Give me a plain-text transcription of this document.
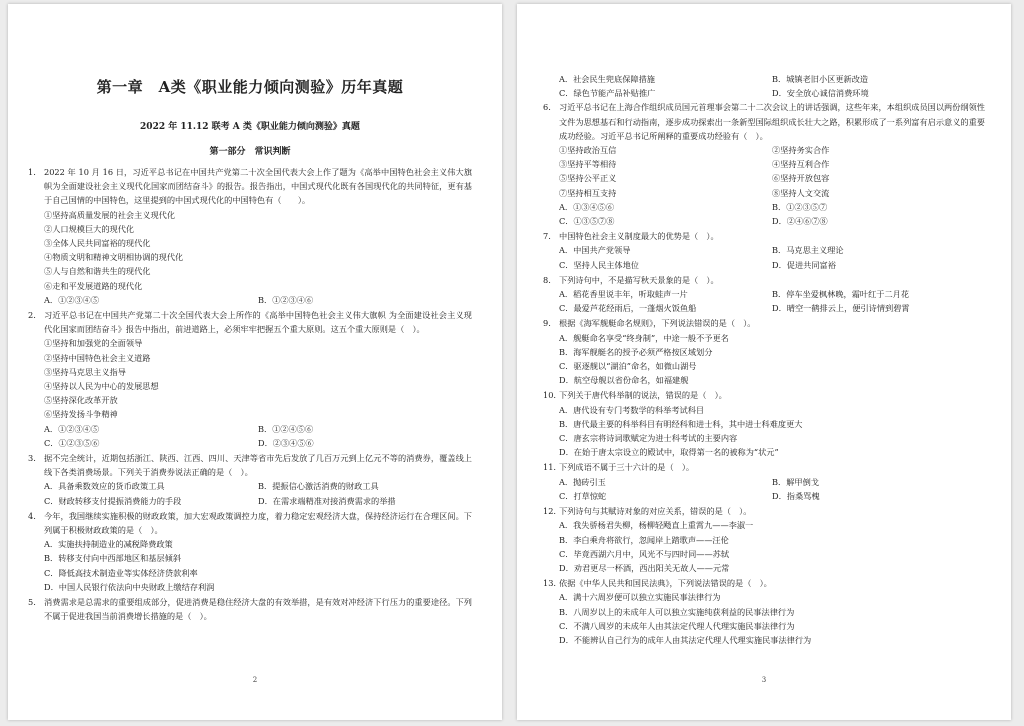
第一章　A类《职业能力倾向测验》历年真题
2022 年 11.12 联考 A 类《职业能力倾向测验》真题
第一部分　常识判断
1. 2022 年 10 月 16 日，习近平总书记在中国共产党第二十次全国代表大会上作了题为《高举中国特色社会主义伟大旗帜为全面建设社会主义现代化国家而团结奋斗》的报告。报告指出，中国式现代化既有各国现代化的共同特征，更有基于自己国情的中国特色，这里提到的中国式现代化的中国特色有（　　）。
①坚持高质量发展的社会主义现代化
②人口规模巨大的现代化
③全体人民共同富裕的现代化
④物质文明和精神文明相协调的现代化
⑤人与自然和谐共生的现代化
⑥走和平发展道路的现代化
A．①②③④⑤	B．①②③④⑥
2. 习近平总书记在中国共产党第二十次全国代表大会上所作的《高举中国特色社会主义伟大旗帜 为全面建设社会主义现代化国家而团结奋斗》报告中指出，前进道路上，必须牢牢把握五个重大原则。这五个重大原则是（　）。
①坚持和加强党的全面领导
②坚持中国特色社会主义道路
③坚持马克思主义指导
④坚持以人民为中心的发展思想
⑤坚持深化改革开放
⑥坚持发扬斗争精神
A．①②③④⑤	B．①②④⑤⑥
C．①②③⑤⑥	D．②③④⑤⑥
3. 据不完全统计，近期包括浙江、陕西、江西、四川、天津等省市先后发放了几百万元到上亿元不等的消费券，覆盖线上线下各类消费场景。下列关于消费券说法正确的是（　）。
A．具备乘数效应的货币政策工具	B．提振信心激活消费的财政工具
C．财政转移支付提振消费能力的手段	D．在需求端精准对接消费需求的举措
4. 今年，我国继续实施积极的财政政策，加大宏观政策调控力度，着力稳定宏观经济大盘，保持经济运行在合理区间。下列属于积极财政政策的是（　）。
A．实施扶持制造业的减税降费政策
B．转移支付向中西部地区和基层倾斜
C．降低高技术制造业等实体经济贷款利率
D．中国人民银行依法向中央财政上缴结存利润
5. 消费需求是总需求的重要组成部分，促进消费是稳住经济大盘的有效举措，是有效对冲经济下行压力的重要途径。下列不属于促进我国当前消费增长措施的是（　）。
2
A．社会民生兜底保障措施	B．城镇老旧小区更新改造
C．绿色节能产品补贴推广	D．安全放心诚信消费环境
6. 习近平总书记在上海合作组织成员国元首理事会第二十二次会议上的讲话强调，这些年来，本组织成员国以两份纲领性文件为思想基石和行动指南，逐步成功探索出一条新型国际组织成长壮大之路，积累形成了一系列富有启示意义的重要成功经验。习近平总书记所阐释的重要成功经验有（　）。
①坚持政治互信	②坚持务实合作
③坚持平等相待	④坚持互利合作
⑤坚持公平正义	⑥坚持开放包容
⑦坚持相互支持	⑧坚持人文交流
A．①③④⑤⑥	B．①②③⑤⑦
C．①③⑤⑦⑧	D．②④⑥⑦⑧
7. 中国特色社会主义制度最大的优势是（　）。
A．中国共产党领导	B．马克思主义理论
C．坚持人民主体地位	D．促进共同富裕
8. 下列诗句中，不是描写秋天景象的是（　）。
A．稻花香里说丰年，听取蛙声一片	B．停车坐爱枫林晚，霜叶红于二月花
C．最爱芦花经雨后，一蓬烟火饭鱼船	D．晴空一鹤排云上，便引诗情到碧霄
9. 根据《海军舰艇命名规则》，下列说法错误的是（　）。
A．舰艇命名享受“终身制”，中途一般不予更名
B．海军舰艇名的授予必须严格按区域划分
C．驱逐舰以“湖泊”命名，如微山湖号
D．航空母舰以省份命名，如福建舰
10. 下列关于唐代科举制的说法，错误的是（　）。
A．唐代设有专门考数学的科举考试科目
B．唐代最主要的科举科目有明经科和进士科，其中进士科难度更大
C．唐玄宗将诗词歌赋定为进士科考试的主要内容
D．在始于唐太宗设立的殿试中，取得第一名的被称为“状元”
11. 下列成语不属于三十六计的是（　）。
A．抛砖引玉	B．解甲倒戈
C．打草惊蛇	D．指桑骂槐
12. 下列诗句与其赋诗对象的对应关系，错误的是（　）。
A．我失骄杨君失柳，杨柳轻飏直上重霄九——李淑一
B．李白乘舟将欲行，忽闻岸上踏歌声——汪伦
C．毕竟西湖六月中，风光不与四时同——苏轼
D．劝君更尽一杯酒，西出阳关无故人——元常
13. 依据《中华人民共和国民法典》，下列说法错误的是（　）。
A．满十六周岁便可以独立实施民事法律行为
B．八周岁以上的未成年人可以独立实施纯获利益的民事法律行为
C．不满八周岁的未成年人由其法定代理人代理实施民事法律行为
D．不能辨认自己行为的成年人由其法定代理人代理实施民事法律行为
3
